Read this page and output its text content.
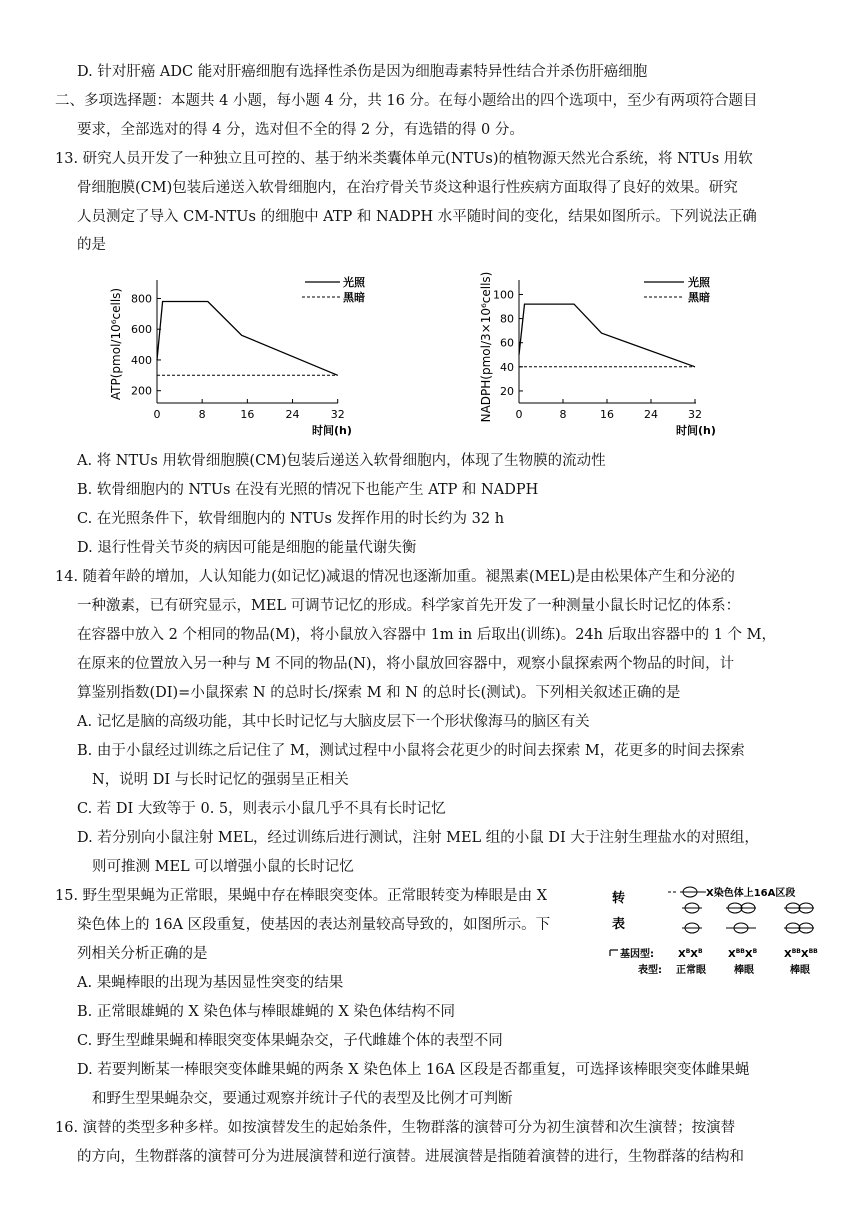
D. 针对肝癌 ADC 能对肝癌细胞有选择性杀伤是因为细胞毒素特异性结合并杀伤肝癌细胞
二、多项选择题：本题共 4 小题，每小题 4 分，共 16 分。在每小题给出的四个选项中，至少有两项符合题目
要求，全部选对的得 4 分，选对但不全的得 2 分，有选错的得 0 分。
13. 研究人员开发了一种独立且可控的、基于纳米类囊体单元(NTUs)的植物源天然光合系统，将 NTUs 用软
骨细胞膜(CM)包装后递送入软骨细胞内，在治疗骨关节炎这种退行性疾病方面取得了良好的效果。研究
人员测定了导入 CM-NTUs 的细胞中 ATP 和 NADPH 水平随时间的变化，结果如图所示。下列说法正确
的是
ATP(pmol/10⁶cells) 200
400
600
800
0	8	16	24	32
时间(h)
光照
黑暗	NADPH(pmol/3×10⁶cells) 20
40
60
80
100
0	8	16	24	32
时间(h)
光照
黑暗
A. 将 NTUs 用软骨细胞膜(CM)包装后递送入软骨细胞内，体现了生物膜的流动性
B. 软骨细胞内的 NTUs 在没有光照的情况下也能产生 ATP 和 NADPH
C. 在光照条件下，软骨细胞内的 NTUs 发挥作用的时长约为 32 h
D. 退行性骨关节炎的病因可能是细胞的能量代谢失衡
14. 随着年龄的增加，人认知能力(如记忆)减退的情况也逐渐加重。褪黑素(MEL)是由松果体产生和分泌的
一种激素，已有研究显示，MEL 可调节记忆的形成。科学家首先开发了一种测量小鼠长时记忆的体系：
在容器中放入 2 个相同的物品(M)，将小鼠放入容器中 1m in 后取出(训练)。24h 后取出容器中的 1 个 M，
在原来的位置放入另一种与 M 不同的物品(N)，将小鼠放回容器中，观察小鼠探索两个物品的时间，计
算鉴别指数(DI)=小鼠探索 N 的总时长/探索 M 和 N 的总时长(测试)。下列相关叙述正确的是
A. 记忆是脑的高级功能，其中长时记忆与大脑皮层下一个形状像海马的脑区有关
B. 由于小鼠经过训练之后记住了 M，测试过程中小鼠将会花更少的时间去探索 M，花更多的时间去探索
N，说明 DI 与长时记忆的强弱呈正相关
C. 若 DI 大致等于 0. 5，则表示小鼠几乎不具有长时记忆
D. 若分别向小鼠注射 MEL，经过训练后进行测试，注射 MEL 组的小鼠 DI 大于注射生理盐水的对照组，
则可推测 MEL 可以增强小鼠的长时记忆
15. 野生型果蝇为正常眼，果蝇中存在棒眼突变体。正常眼转变为棒眼是由 X
染色体上的 16A 区段重复，使基因的表达剂量较高导致的，如图所示。下
列相关分析正确的是
转
表
X染色体上16A区段
基因型:
表型:
$X^BX^B$	$X^{BB}X^B$	$X^{BB}X^{BB}$
正常眼	棒眼	棒眼
A. 果蝇棒眼的出现为基因显性突变的结果
B. 正常眼雄蝇的 X 染色体与棒眼雄蝇的 X 染色体结构不同
C. 野生型雌果蝇和棒眼突变体果蝇杂交，子代雌雄个体的表型不同
D. 若要判断某一棒眼突变体雌果蝇的两条 X 染色体上 16A 区段是否都重复，可选择该棒眼突变体雌果蝇
和野生型果蝇杂交，要通过观察并统计子代的表型及比例才可判断
16. 演替的类型多种多样。如按演替发生的起始条件，生物群落的演替可分为初生演替和次生演替；按演替
的方向，生物群落的演替可分为进展演替和逆行演替。进展演替是指随着演替的进行，生物群落的结构和
